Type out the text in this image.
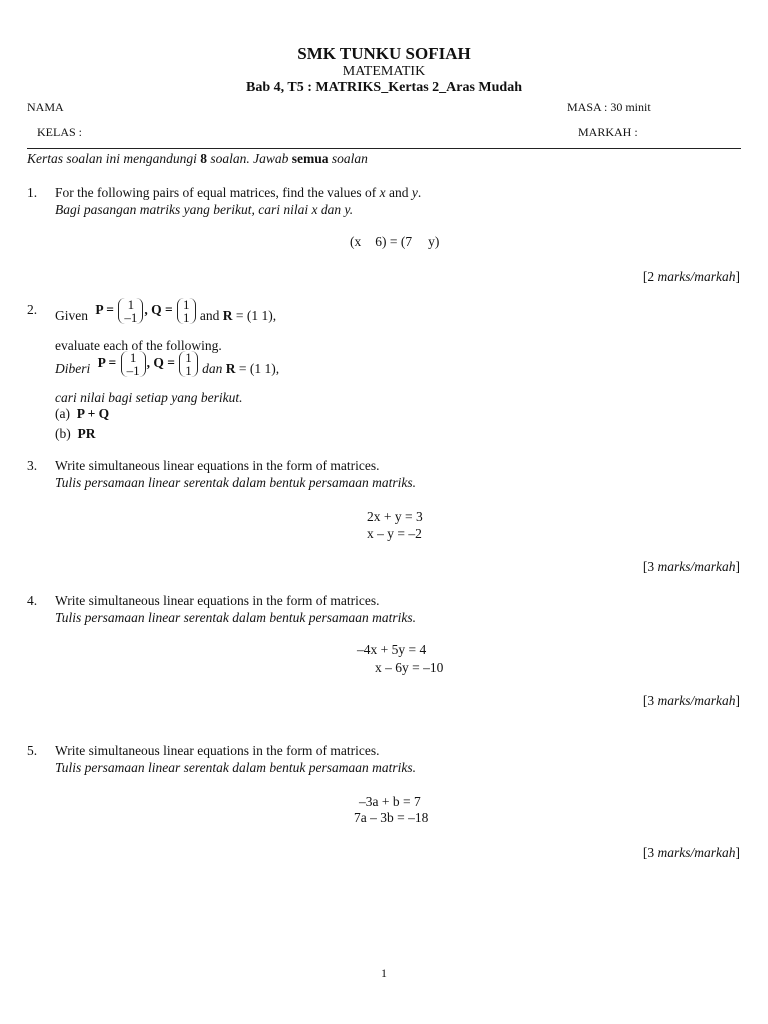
SMK TUNKU SOFIAH
MATEMATIK
Bab 4, T5 : MATRIKS_Kertas 2_Aras Mudah
NAMA	MASA : 30 minit
KELAS :	MARKAH :
Kertas soalan ini mengandungi 8 soalan. Jawab semua soalan
1. For the following pairs of equal matrices, find the values of x and y.
Bagi pasangan matriks yang berikut, cari nilai x dan y.
(x 6) = (7 y)
[2 marks/markah]
2. Given P = 1
–1, Q = 1
1 and R = (1 1),
evaluate each of the following.
Diberi P = 1
–1, Q = 1
1 dan R = (1 1),
cari nilai bagi setiap yang berikut.
(a) P + Q
(b) PR
3. Write simultaneous linear equations in the form of matrices.
Tulis persamaan linear serentak dalam bentuk persamaan matriks.
2x + y = 3
x – y = –2
[3 marks/markah]
4. Write simultaneous linear equations in the form of matrices.
Tulis persamaan linear serentak dalam bentuk persamaan matriks.
–4x + 5y = 4
x – 6y = –10
[3 marks/markah]
5. Write simultaneous linear equations in the form of matrices.
Tulis persamaan linear serentak dalam bentuk persamaan matriks.
–3a + b = 7
7a – 3b = –18
[3 marks/markah]
1
